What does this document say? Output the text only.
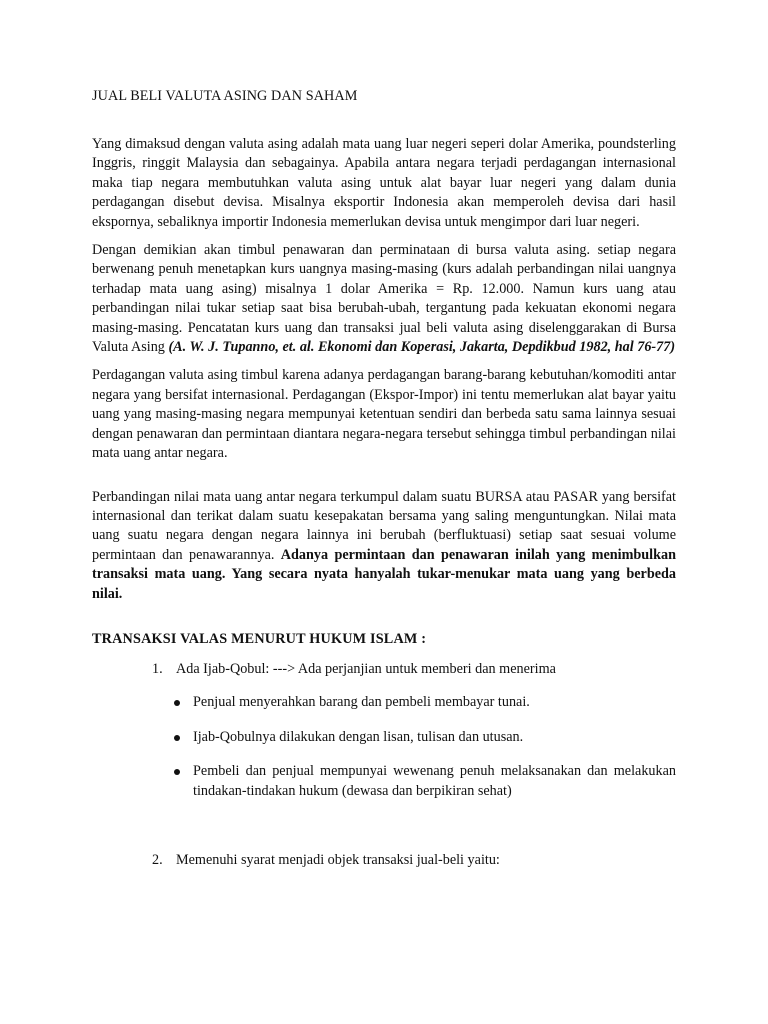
JUAL BELI VALUTA ASING DAN SAHAM

Yang dimaksud dengan valuta asing adalah mata uang luar negeri seperi dolar Amerika, poundsterling Inggris, ringgit Malaysia dan sebagainya. Apabila antara negara terjadi perdagangan internasional maka tiap negara membutuhkan valuta asing untuk alat bayar luar negeri yang dalam dunia perdagangan disebut devisa. Misalnya eksportir Indonesia akan memperoleh devisa dari hasil ekspornya, sebaliknya importir Indonesia memerlukan devisa untuk mengimpor dari luar negeri.

Dengan demikian akan timbul penawaran dan perminataan di bursa valuta asing. setiap negara berwenang penuh menetapkan kurs uangnya masing-masing (kurs adalah perbandingan nilai uangnya terhadap mata uang asing) misalnya 1 dolar Amerika = Rp. 12.000. Namun kurs uang atau perbandingan nilai tukar setiap saat bisa berubah-ubah, tergantung pada kekuatan ekonomi negara masing-masing. Pencatatan kurs uang dan transaksi jual beli valuta asing diselenggarakan di Bursa Valuta Asing (A. W. J. Tupanno, et. al. Ekonomi dan Koperasi, Jakarta, Depdikbud 1982, hal 76-77)

Perdagangan valuta asing timbul karena adanya perdagangan barang-barang kebutuhan/komoditi antar negara yang bersifat internasional. Perdagangan (Ekspor-Impor) ini tentu memerlukan alat bayar yaitu uang yang masing-masing negara mempunyai ketentuan sendiri dan berbeda satu sama lainnya sesuai dengan penawaran dan permintaan diantara negara-negara tersebut sehingga timbul perbandingan nilai mata uang antar negara.

Perbandingan nilai mata uang antar negara terkumpul dalam suatu BURSA atau PASAR yang bersifat internasional dan terikat dalam suatu kesepakatan bersama yang saling menguntungkan. Nilai mata uang suatu negara dengan negara lainnya ini berubah (berfluktuasi) setiap saat sesuai volume permintaan dan penawarannya. Adanya permintaan dan penawaran inilah yang menimbulkan transaksi mata uang. Yang secara nyata hanyalah tukar-menukar mata uang yang berbeda nilai.

TRANSAKSI VALAS MENURUT HUKUM ISLAM :
1. Ada Ijab-Qobul: ---> Ada perjanjian untuk memberi dan menerima
Penjual menyerahkan barang dan pembeli membayar tunai.
Ijab-Qobulnya dilakukan dengan lisan, tulisan dan utusan.
Pembeli dan penjual mempunyai wewenang penuh melaksanakan dan melakukan tindakan-tindakan hukum (dewasa dan berpikiran sehat)
2. Memenuhi syarat menjadi objek transaksi jual-beli yaitu:
